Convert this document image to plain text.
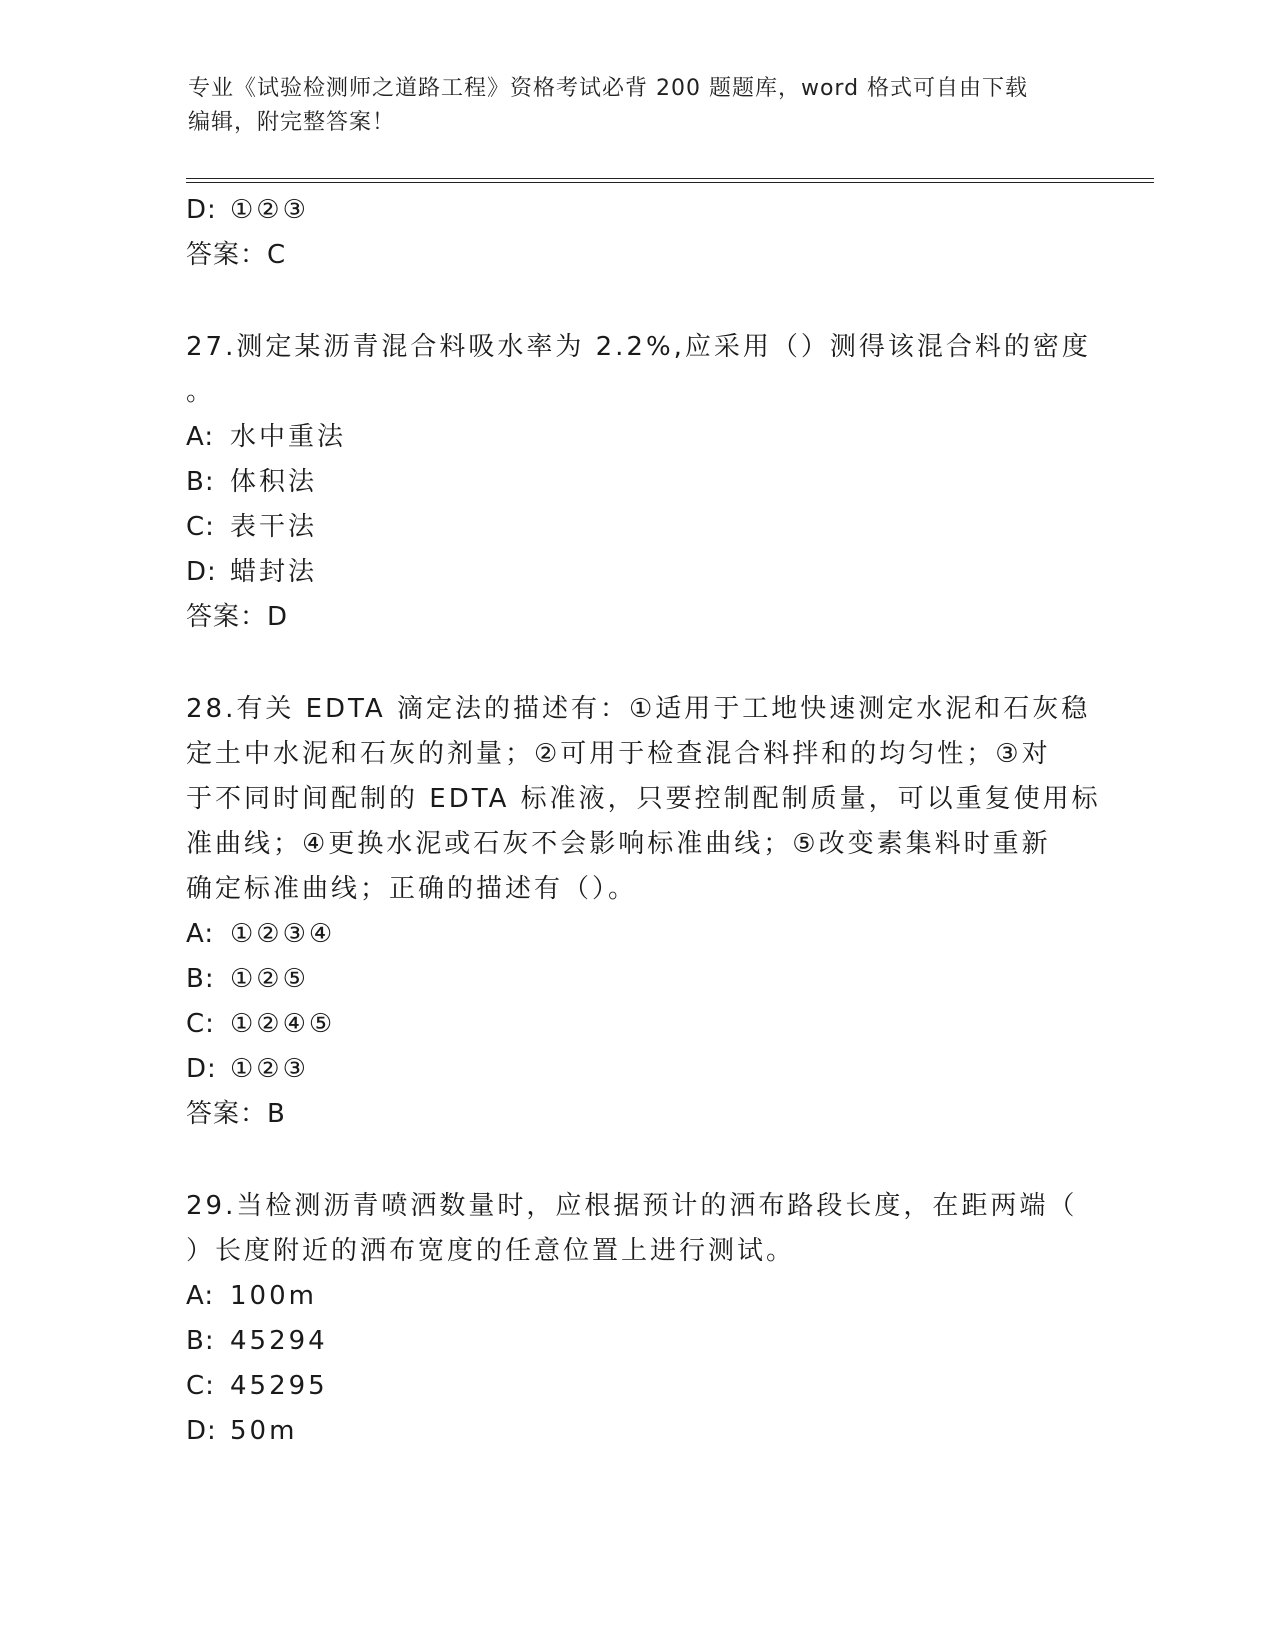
专业《试验检测师之道路工程》资格考试必背 200 题题库，word 格式可自由下载
编辑，附完整答案！
D: ①②③
答案：C
27.测定某沥青混合料吸水率为 2.2%,应采用（）测得该混合料的密度
。
A: 水中重法
B: 体积法
C: 表干法
D: 蜡封法
答案：D
28.有关 EDTA 滴定法的描述有：①适用于工地快速测定水泥和石灰稳
定土中水泥和石灰的剂量；②可用于检查混合料拌和的均匀性；③对
于不同时间配制的 EDTA 标准液，只要控制配制质量，可以重复使用标
准曲线；④更换水泥或石灰不会影响标准曲线；⑤改变素集料时重新
确定标准曲线；正确的描述有（）。
A: ①②③④
B: ①②⑤
C: ①②④⑤
D: ①②③
答案：B
29.当检测沥青喷洒数量时，应根据预计的洒布路段长度，在距两端（
）长度附近的洒布宽度的任意位置上进行测试。
A: 100m
B: 45294
C: 45295
D: 50m
